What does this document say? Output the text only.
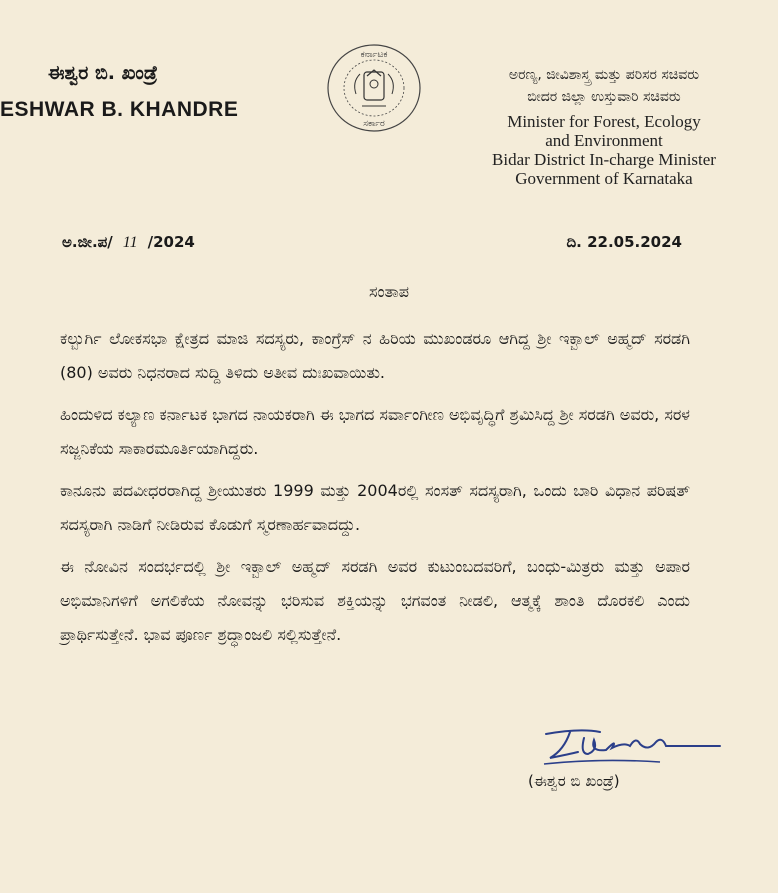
ಈಶ್ವರ ಬಿ. ಖಂಡ್ರೆ
ESHWAR B. KHANDRE
ಕರ್ನಾಟಕ
ಸರ್ಕಾರ
ಅರಣ್ಯ, ಜೀವಿಶಾಸ್ತ್ರ ಮತ್ತು ಪರಿಸರ ಸಚಿವರು
ಬೀದರ ಜಿಲ್ಲಾ ಉಸ್ತುವಾರಿ ಸಚಿವರು
Minister for Forest, Ecology
and Environment
Bidar District In-charge Minister
Government of Karnataka
ಅ.ಜೀ.ಪ/ 11 /2024	ದಿ. 22.05.2024
ಸಂತಾಪ

ಕಲ್ಬುರ್ಗಿ ಲೋಕಸಭಾ ಕ್ಷೇತ್ರದ ಮಾಜಿ ಸದಸ್ಯರು, ಕಾಂಗ್ರೆಸ್ ನ ಹಿರಿಯ ಮುಖಂಡರೂ ಆಗಿದ್ದ ಶ್ರೀ ಇಕ್ಬಾಲ್ ಅಹ್ಮದ್ ಸರಡಗಿ (80) ಅವರು ನಿಧನರಾದ ಸುದ್ದಿ ತಿಳಿದು ಅತೀವ ದುಃಖವಾಯಿತು.

ಹಿಂದುಳಿದ ಕಲ್ಯಾಣ ಕರ್ನಾಟಕ ಭಾಗದ ನಾಯಕರಾಗಿ ಈ ಭಾಗದ ಸರ್ವಾಂಗೀಣ ಅಭಿವೃದ್ಧಿಗೆ ಶ್ರಮಿಸಿದ್ದ ಶ್ರೀ ಸರಡಗಿ ಅವರು, ಸರಳ ಸಜ್ಜನಿಕೆಯ ಸಾಕಾರಮೂರ್ತಿಯಾಗಿದ್ದರು.

ಕಾನೂನು ಪದವೀಧರರಾಗಿದ್ದ ಶ್ರೀಯುತರು 1999 ಮತ್ತು 2004ರಲ್ಲಿ ಸಂಸತ್ ಸದಸ್ಯರಾಗಿ, ಒಂದು ಬಾರಿ ವಿಧಾನ ಪರಿಷತ್ ಸದಸ್ಯರಾಗಿ ನಾಡಿಗೆ ನೀಡಿರುವ ಕೊಡುಗೆ ಸ್ಮರಣಾರ್ಹವಾದದ್ದು.

ಈ ನೋವಿನ ಸಂದರ್ಭದಲ್ಲಿ ಶ್ರೀ ಇಕ್ಬಾಲ್ ಅಹ್ಮದ್ ಸರಡಗಿ ಅವರ ಕುಟುಂಬದವರಿಗೆ, ಬಂಧು-ಮಿತ್ರರು ಮತ್ತು ಅಪಾರ ಅಭಿಮಾನಿಗಳಿಗೆ ಅಗಲಿಕೆಯ ನೋವನ್ನು ಭರಿಸುವ ಶಕ್ತಿಯನ್ನು ಭಗವಂತ ನೀಡಲಿ, ಆತ್ಮಕ್ಕೆ ಶಾಂತಿ ದೊರಕಲಿ ಎಂದು ಪ್ರಾರ್ಥಿಸುತ್ತೇನೆ. ಭಾವ ಪೂರ್ಣ ಶ್ರದ್ಧಾಂಜಲಿ ಸಲ್ಲಿಸುತ್ತೇನೆ.

(ಈಶ್ವರ ಬಿ ಖಂಡ್ರೆ)
